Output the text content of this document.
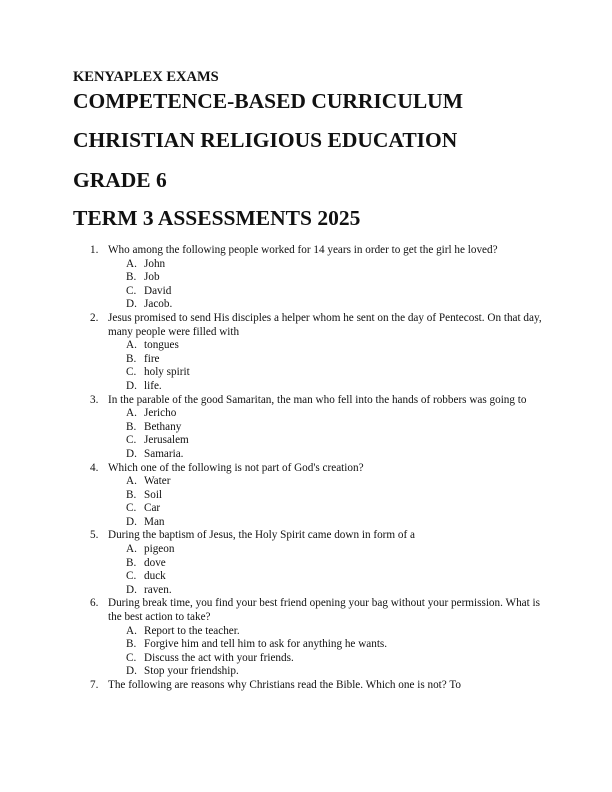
KENYAPLEX EXAMS
COMPETENCE-BASED CURRICULUM
CHRISTIAN RELIGIOUS EDUCATION
GRADE 6
TERM 3 ASSESSMENTS 2025
1. Who among the following people worked for 14 years in order to get the girl he loved?
A. John
B. Job
C. David
D. Jacob.
2. Jesus promised to send His disciples a helper whom he sent on the day of Pentecost. On that day, many people were filled with
A. tongues
B. fire
C. holy spirit
D. life.
3. In the parable of the good Samaritan, the man who fell into the hands of robbers was going to
A. Jericho
B. Bethany
C. Jerusalem
D. Samaria.
4. Which one of the following is not part of God's creation?
A. Water
B. Soil
C. Car
D. Man
5. During the baptism of Jesus, the Holy Spirit came down in form of a
A. pigeon
B. dove
C. duck
D. raven.
6. During break time, you find your best friend opening your bag without your permission. What is the best action to take?
A. Report to the teacher.
B. Forgive him and tell him to ask for anything he wants.
C. Discuss the act with your friends.
D. Stop your friendship.
7. The following are reasons why Christians read the Bible. Which one is not? To
